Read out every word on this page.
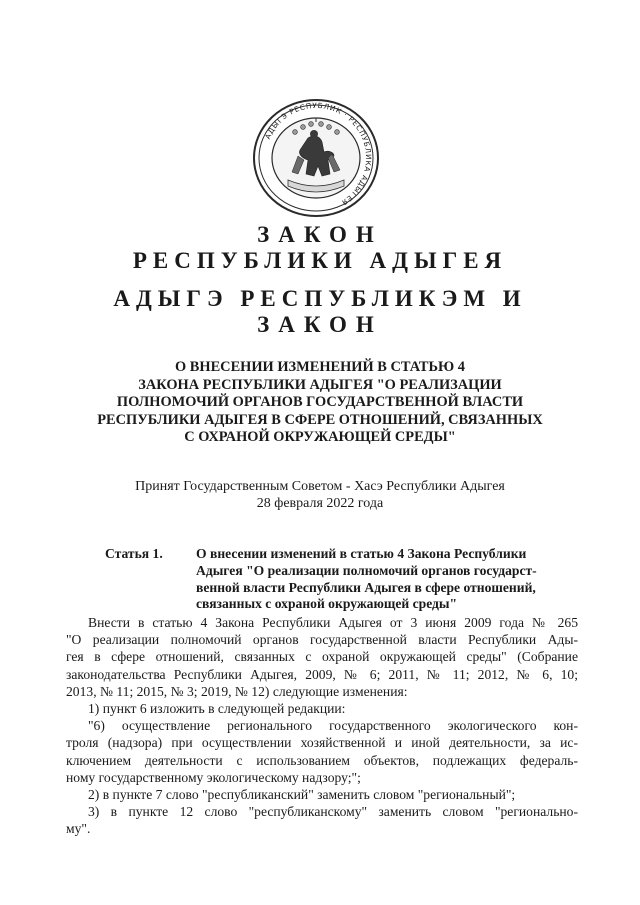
АДЫГЭ РЕСПУБЛИК · РЕСПУБЛИКА АДЫГЕЯ
ЗАКОН
РЕСПУБЛИКИ АДЫГЕЯ
АДЫГЭ РЕСПУБЛИКЭМ И
ЗАКОН
О ВНЕСЕНИИ ИЗМЕНЕНИЙ В СТАТЬЮ 4
ЗАКОНА РЕСПУБЛИКИ АДЫГЕЯ "О РЕАЛИЗАЦИИ
ПОЛНОМОЧИЙ ОРГАНОВ ГОСУДАРСТВЕННОЙ ВЛАСТИ
РЕСПУБЛИКИ АДЫГЕЯ В СФЕРЕ ОТНОШЕНИЙ, СВЯЗАННЫХ
С ОХРАНОЙ ОКРУЖАЮЩЕЙ СРЕДЫ"
Принят Государственным Советом - Хасэ Республики Адыгея
28 февраля 2022 года
Статья 1. О внесении изменений в статью 4 Закона Республики
Адыгея "О реализации полномочий органов государст-
венной власти Республики Адыгея в сфере отношений,
связанных с охраной окружающей среды"
Внести в статью 4 Закона Республики Адыгея от 3 июня 2009 года № 265
"О реализации полномочий органов государственной власти Республики Ады-
гея в сфере отношений, связанных с охраной окружающей среды" (Собрание
законодательства Республики Адыгея, 2009, № 6; 2011, № 11; 2012, № 6, 10;
2013, № 11; 2015, № 3; 2019, № 12) следующие изменения:
1) пункт 6 изложить в следующей редакции:
"6) осуществление регионального государственного экологического кон-
троля (надзора) при осуществлении хозяйственной и иной деятельности, за ис-
ключением деятельности с использованием объектов, подлежащих федераль-
ному государственному экологическому надзору;";
2) в пункте 7 слово "республиканский" заменить словом "региональный";
3) в пункте 12 слово "республиканскому" заменить словом "регионально-
му".
